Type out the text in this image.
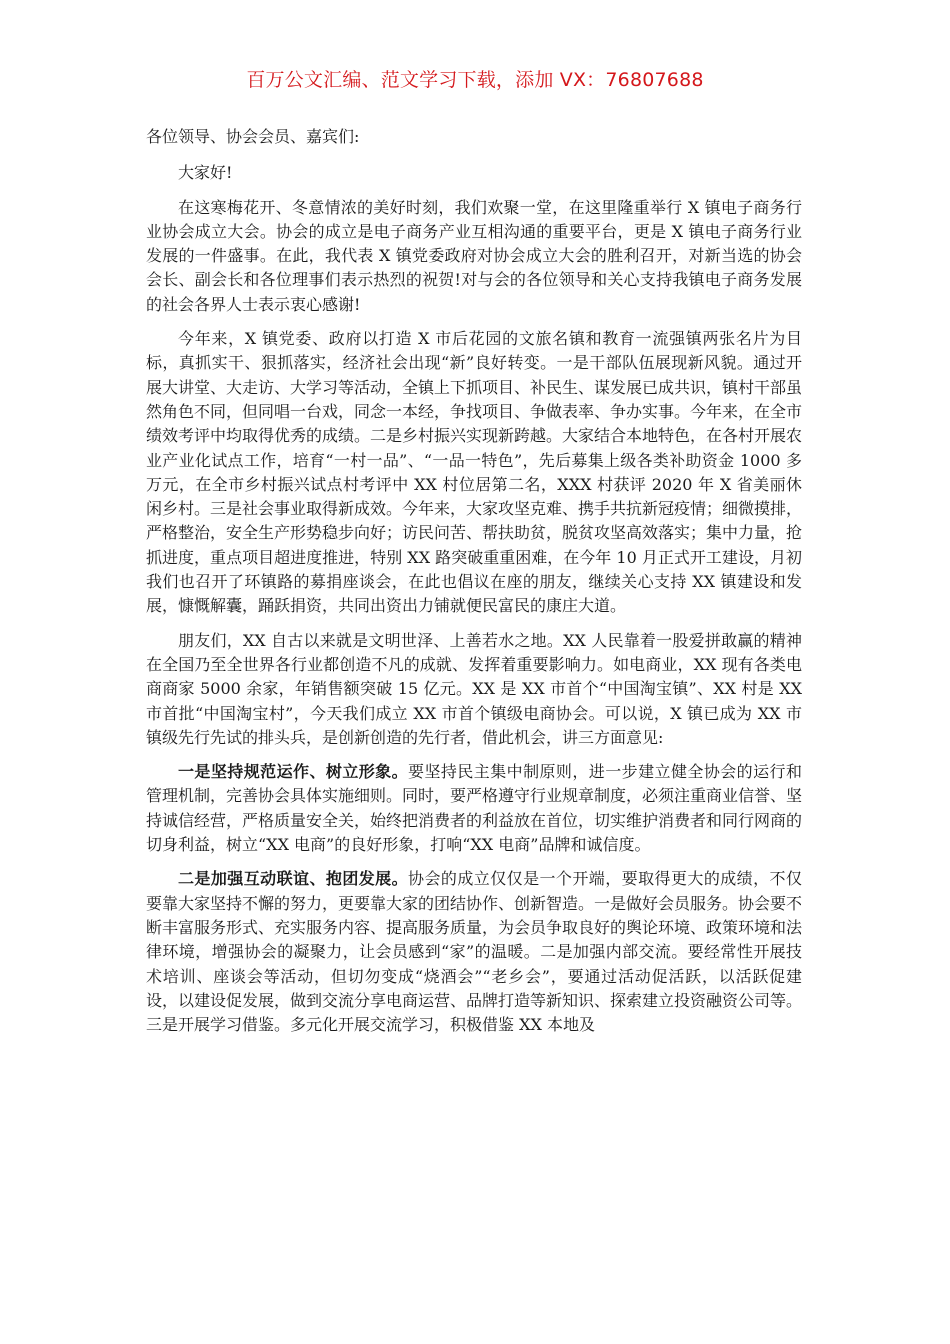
百万公文汇编、范文学习下载，添加 VX：76807688

各位领导、协会会员、嘉宾们:

大家好!

在这寒梅花开、冬意情浓的美好时刻，我们欢聚一堂，在这里隆重举行 X 镇电子商务行业协会成立大会。协会的成立是电子商务产业互相沟通的重要平台，更是 X 镇电子商务行业发展的一件盛事。在此，我代表 X 镇党委政府对协会成立大会的胜利召开，对新当选的协会会长、副会长和各位理事们表示热烈的祝贺!对与会的各位领导和关心支持我镇电子商务发展的社会各界人士表示衷心感谢!

今年来，X 镇党委、政府以打造 X 市后花园的文旅名镇和教育一流强镇两张名片为目标，真抓实干、狠抓落实，经济社会出现“新”良好转变。一是干部队伍展现新风貌。通过开展大讲堂、大走访、大学习等活动，全镇上下抓项目、补民生、谋发展已成共识，镇村干部虽然角色不同，但同唱一台戏，同念一本经，争找项目、争做表率、争办实事。今年来，在全市绩效考评中均取得优秀的成绩。二是乡村振兴实现新跨越。大家结合本地特色，在各村开展农业产业化试点工作，培育“一村一品”、“一品一特色”，先后募集上级各类补助资金 1000 多万元，在全市乡村振兴试点村考评中 XX 村位居第二名，XXX 村获评 2020 年 X 省美丽休闲乡村。三是社会事业取得新成效。今年来，大家攻坚克难、携手共抗新冠疫情；细微摸排，严格整治，安全生产形势稳步向好；访民问苦、帮扶助贫，脱贫攻坚高效落实；集中力量，抢抓进度，重点项目超进度推进，特别 XX 路突破重重困难，在今年 10 月正式开工建设，月初我们也召开了环镇路的募捐座谈会，在此也倡议在座的朋友，继续关心支持 XX 镇建设和发展，慷慨解囊，踊跃捐资，共同出资出力铺就便民富民的康庄大道。

朋友们，XX 自古以来就是文明世泽、上善若水之地。XX 人民靠着一股爱拼敢赢的精神在全国乃至全世界各行业都创造不凡的成就、发挥着重要影响力。如电商业，XX 现有各类电商商家 5000 余家，年销售额突破 15 亿元。XX 是 XX 市首个“中国淘宝镇”、XX 村是 XX 市首批“中国淘宝村”，今天我们成立 XX 市首个镇级电商协会。可以说，X 镇已成为 XX 市镇级先行先试的排头兵，是创新创造的先行者，借此机会，讲三方面意见:

一是坚持规范运作、树立形象。要坚持民主集中制原则，进一步建立健全协会的运行和管理机制，完善协会具体实施细则。同时，要严格遵守行业规章制度，必须注重商业信誉、坚持诚信经营，严格质量安全关，始终把消费者的利益放在首位，切实维护消费者和同行网商的切身利益，树立“XX 电商”的良好形象，打响“XX 电商”品牌和诚信度。

二是加强互动联谊、抱团发展。协会的成立仅仅是一个开端，要取得更大的成绩，不仅要靠大家坚持不懈的努力，更要靠大家的团结协作、创新智造。一是做好会员服务。协会要不断丰富服务形式、充实服务内容、提高服务质量，为会员争取良好的舆论环境、政策环境和法律环境，增强协会的凝聚力，让会员感到“家”的温暖。二是加强内部交流。要经常性开展技术培训、座谈会等活动，但切勿变成“烧酒会”“老乡会”，要通过活动促活跃，以活跃促建设，以建设促发展，做到交流分享电商运营、品牌打造等新知识、探索建立投资融资公司等。三是开展学习借鉴。多元化开展交流学习，积极借鉴 XX 本地及
